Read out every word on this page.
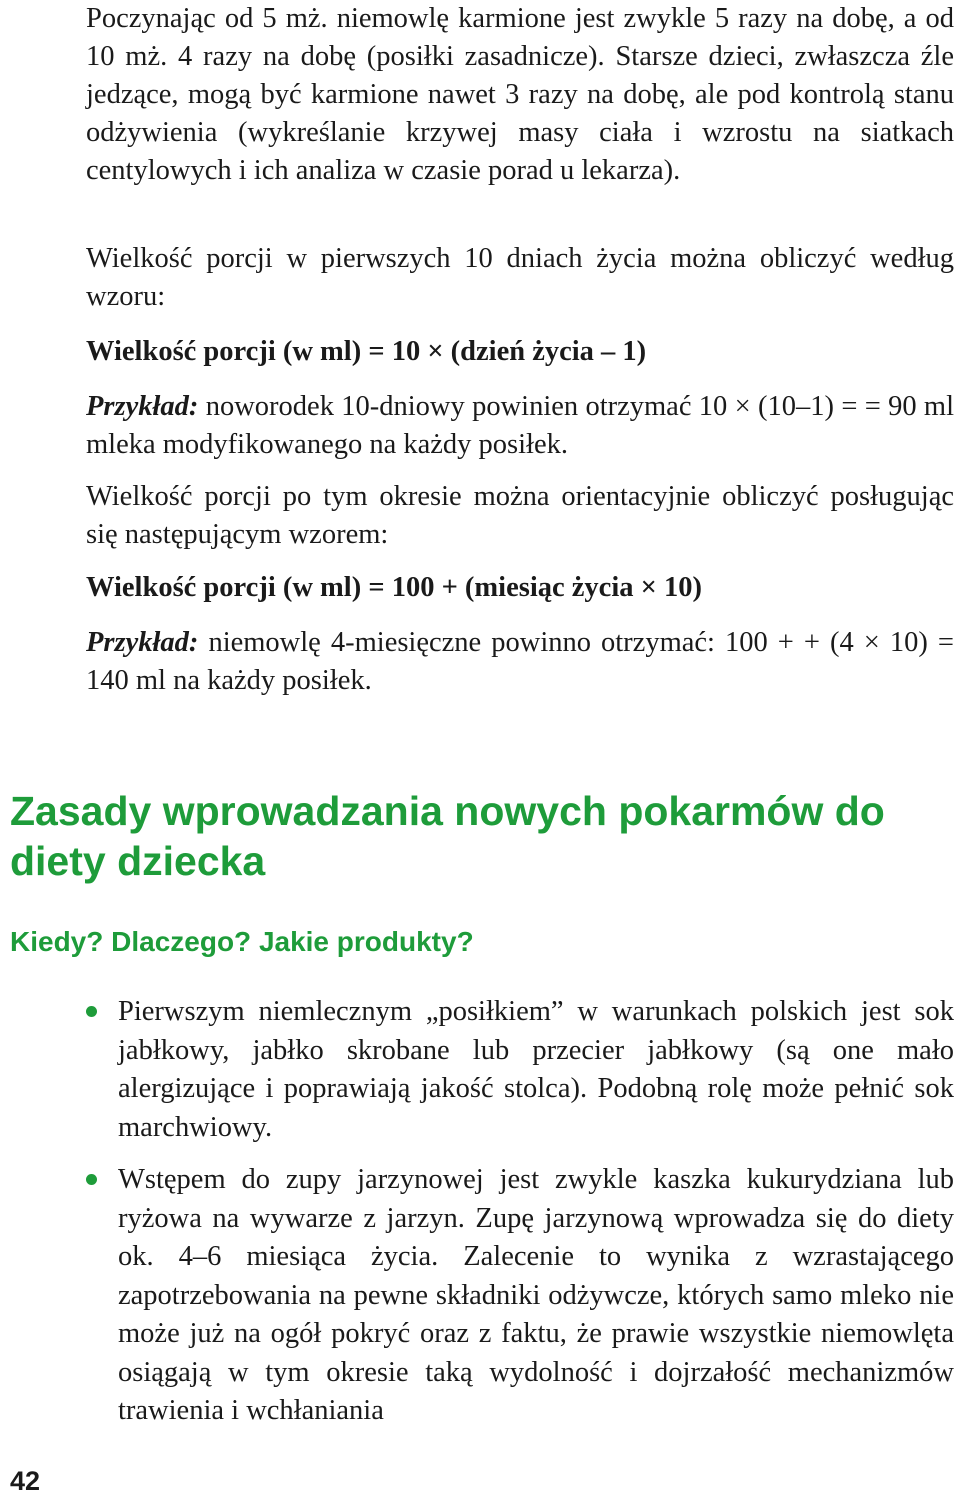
Poczynając od 5 mż. niemowlę karmione jest zwykle 5 razy na dobę, a od 10 mż. 4 razy na dobę (posiłki zasadnicze). Starsze dzieci, zwłaszcza źle jedzące, mogą być karmione nawet 3 razy na dobę, ale pod kontrolą stanu odżywienia (wykreślanie krzywej masy ciała i wzrostu na siatkach centylowych i ich analiza w czasie porad u lekarza).

Wielkość porcji w pierwszych 10 dniach życia można obliczyć według wzoru:

Wielkość porcji (w ml) = 10 × (dzień życia – 1)

Przykład: noworodek 10-dniowy powinien otrzymać 10 × (10–1) = = 90 ml mleka modyfikowanego na każdy posiłek.

Wielkość porcji po tym okresie można orientacyjnie obliczyć posługując się następującym wzorem:

Wielkość porcji (w ml) = 100 + (miesiąc życia × 10)

Przykład: niemowlę 4-miesięczne powinno otrzymać: 100 + + (4 × 10) = 140 ml na każdy posiłek.

Zasady wprowadzania nowych pokarmów do diety dziecka
Kiedy? Dlaczego? Jakie produkty?
Pierwszym niemlecznym „posiłkiem” w warunkach polskich jest sok jabłkowy, jabłko skrobane lub przecier jabłkowy (są one mało alergizujące i poprawiają jakość stolca). Podobną rolę może pełnić sok marchwiowy.
Wstępem do zupy jarzynowej jest zwykle kaszka kukurydziana lub ryżowa na wywarze z jarzyn. Zupę jarzynową wprowadza się do diety ok. 4–6 miesiąca życia. Zalecenie to wynika z wzrastającego zapotrzebowania na pewne składniki odżywcze, których samo mleko nie może już na ogół pokryć oraz z faktu, że prawie wszystkie niemowlęta osiągają w tym okresie taką wydolność i dojrzałość mechanizmów trawienia i wchłaniania
42
